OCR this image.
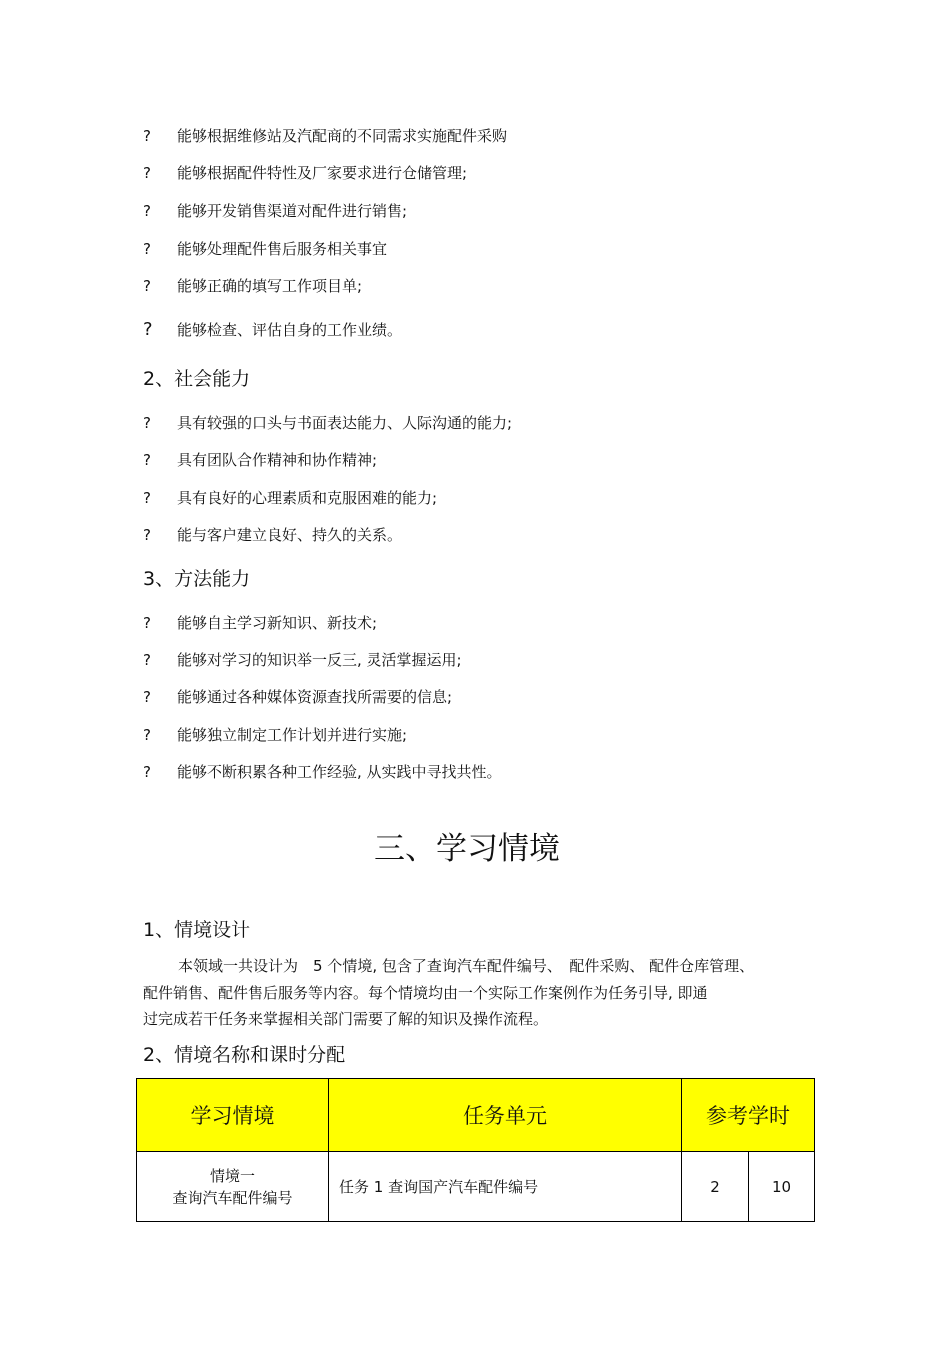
? 能够根据维修站及汽配商的不同需求实施配件采购
? 能够根据配件特性及厂家要求进行仓储管理;
? 能够开发销售渠道对配件进行销售;
? 能够处理配件售后服务相关事宜
? 能够正确的填写工作项目单;
? 能够检查、评估自身的工作业绩。
2、社会能力
? 具有较强的口头与书面表达能力、人际沟通的能力;
? 具有团队合作精神和协作精神;
? 具有良好的心理素质和克服困难的能力;
? 能与客户建立良好、持久的关系。
3、方法能力
? 能够自主学习新知识、新技术;
? 能够对学习的知识举一反三, 灵活掌握运用;
? 能够通过各种媒体资源查找所需要的信息;
? 能够独立制定工作计划并进行实施;
? 能够不断积累各种工作经验, 从实践中寻找共性。
三、学习情境
1、情境设计
本领域一共设计为　5 个情境, 包含了查询汽车配件编号、　配件采购、 配件仓库管理、
配件销售、配件售后服务等内容。每个情境均由一个实际工作案例作为任务引导, 即通
过完成若干任务来掌握相关部门需要了解的知识及操作流程。
2、情境名称和课时分配
学习情境	任务单元	参考学时	

情境一
查询汽车配件编号	任务 1 查询国产汽车配件编号	2	10
